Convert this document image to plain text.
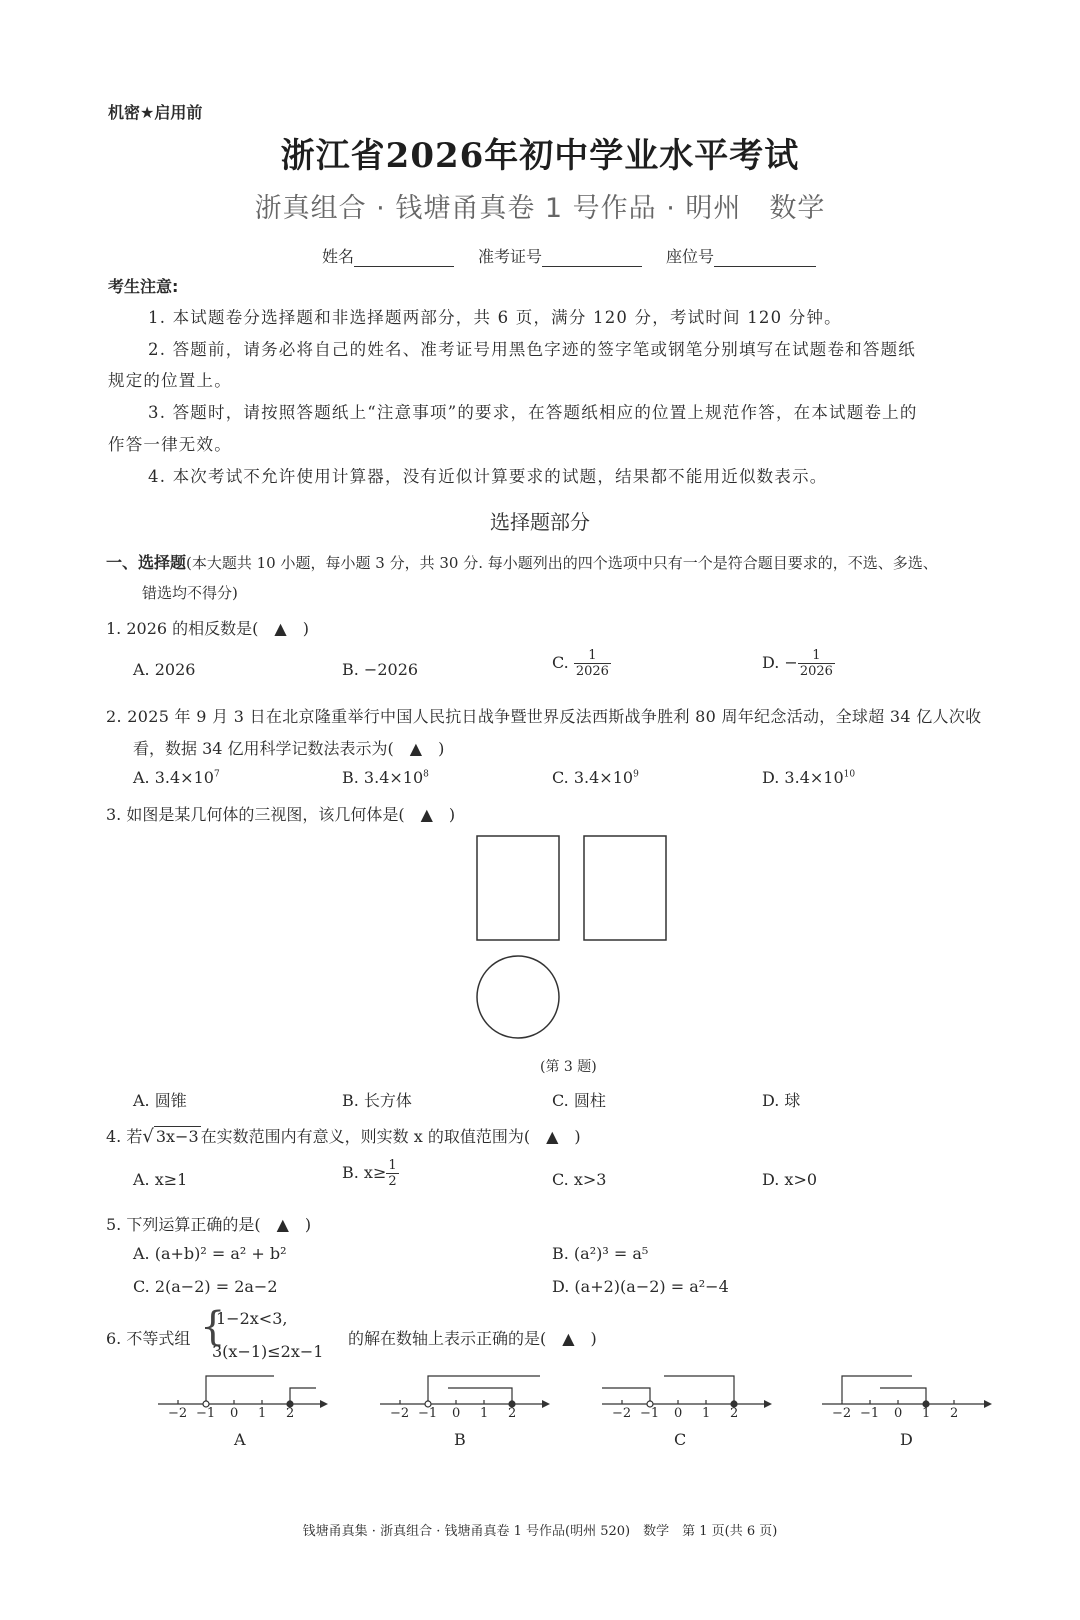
机密★启用前
浙江省2026年初中学业水平考试
浙真组合 · 钱塘甬真卷 1 号作品 · 明州　数学
姓名	准考证号	座位号
考生注意:
1. 本试题卷分选择题和非选择题两部分，共 6 页，满分 120 分，考试时间 120 分钟。
2. 答题前，请务必将自己的姓名、准考证号用黑色字迹的签字笔或钢笔分别填写在试题卷和答题纸
规定的位置上。
3. 答题时，请按照答题纸上“注意事项”的要求，在答题纸相应的位置上规范作答，在本试题卷上的
作答一律无效。
4. 本次考试不允许使用计算器，没有近似计算要求的试题，结果都不能用近似数表示。
选择题部分
一、选择题(本大题共 10 小题，每小题 3 分，共 30 分. 每小题列出的四个选项中只有一个是符合题目要求的，不选、多选、
错选均不得分)
1. 2026 的相反数是(　▲　)
A. 2026	B. −2026	C. $\frac{1}{2026}$	D. − $\frac{1}{2026}$
2. 2025 年 9 月 3 日在北京隆重举行中国人民抗日战争暨世界反法西斯战争胜利 80 周年纪念活动，全球超 34 亿人次收
看，数据 34 亿用科学记数法表示为(　▲　)
A. $3.4\times 10^7$	B. $3.4\times 10^8$	C. $3.4\times 10^9$	D. $3.4\times 10^{10}$
3. 如图是某几何体的三视图，该几何体是(　▲　)
(第 3 题)
A. 圆锥	B. 长方体	C. 圆柱	D. 球
4. 若√ 3x−3 在实数范围内有意义，则实数 x 的取值范围为(　▲　)
A. x≥1	B. $x\ge \frac{1}{2}$	C. x>3	D. x>0
5. 下列运算正确的是(　▲　)
A. (a+b)² = a² + b²	B. (a²)³ = a⁵
C. 2(a−2) = 2a−2	D. (a+2)(a−2) = a²−4
6. 不等式组 {
1−2x<3,
3(x−1)≤2x−1
的解在数轴上表示正确的是(　▲　)
−2 −1 0 1 2	−2 −1 0 1 2	−2 −1 0 1 2	−2 −1 0 1 2
A	B	C	D
钱塘甬真集 · 浙真组合 · 钱塘甬真卷 1 号作品(明州 520)　数学　第 1 页(共 6 页)
